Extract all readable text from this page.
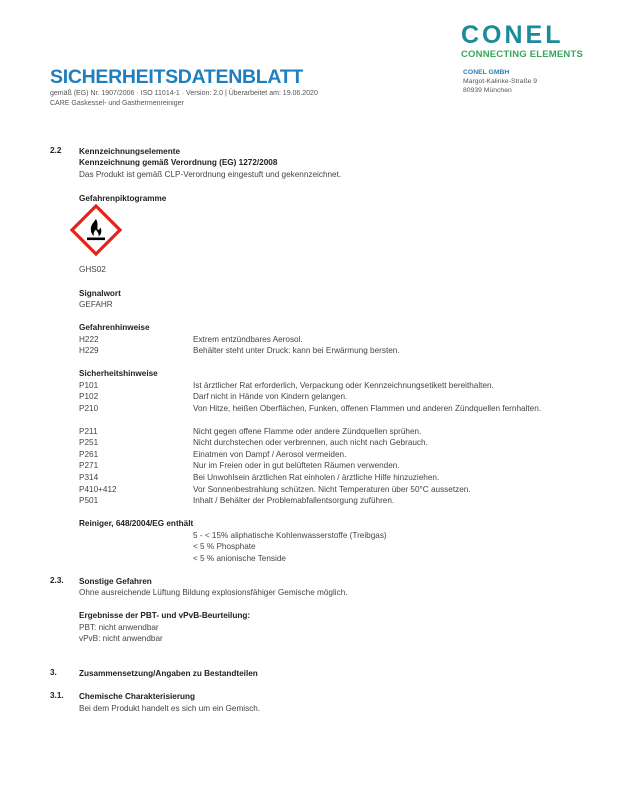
CONEL
CONNECTING ELEMENTS
CONEL GMBH
Margot-Kalinke-Straße 9
80939 München
SICHERHEITSDATENBLATT
gemäß (EG) Nr. 1907/2006 · ISO 11014-1 · Version: 2.0 | Überarbeitet am: 19.06.2020
CARE Gaskessel- und Gasthermenreiniger
2.2 Kennzeichnungselemente
Kennzeichnung gemäß Verordnung (EG) 1272/2008
Das Produkt ist gemäß CLP-Verordnung eingestuft und gekennzeichnet.
Gefahrenpiktogramme
GHS02
Signalwort
GEFAHR
Gefahrenhinweise
H222	Extrem entzündbares Aerosol.
H229	Behälter steht unter Druck: kann bei Erwärmung bersten.
Sicherheitshinweise
P101	Ist ärztlicher Rat erforderlich, Verpackung oder Kennzeichnungsetikett bereithalten.
P102	Darf nicht in Hände von Kindern gelangen.
P210	Von Hitze, heißen Oberflächen, Funken, offenen Flammen und anderen Zündquellen fernhalten.
P211	Nicht gegen offene Flamme oder andere Zündquellen sprühen.
P251	Nicht durchstechen oder verbrennen, auch nicht nach Gebrauch.
P261	Einatmen von Dampf / Aerosol vermeiden.
P271	Nur im Freien oder in gut belüfteten Räumen verwenden.
P314	Bei Unwohlsein ärztlichen Rat einholen / ärztliche Hilfe hinzuziehen.
P410+412	Vor Sonnenbestrahlung schützen. Nicht Temperaturen über 50°C aussetzen.
P501	Inhalt / Behälter der Problemabfallentsorgung zuführen.
Reiniger, 648/2004/EG enthält
5 - < 15% aliphatische Kohlenwasserstoffe (Treibgas)
< 5 % Phosphate
< 5 % anionische Tenside
2.3. Sonstige Gefahren
Ohne ausreichende Lüftung Bildung explosionsfähiger Gemische möglich.
Ergebnisse der PBT- und vPvB-Beurteilung:
PBT: nicht anwendbar
vPvB: nicht anwendbar
3.	Zusammensetzung/Angaben zu Bestandteilen
3.1. Chemische Charakterisierung
Bei dem Produkt handelt es sich um ein Gemisch.
